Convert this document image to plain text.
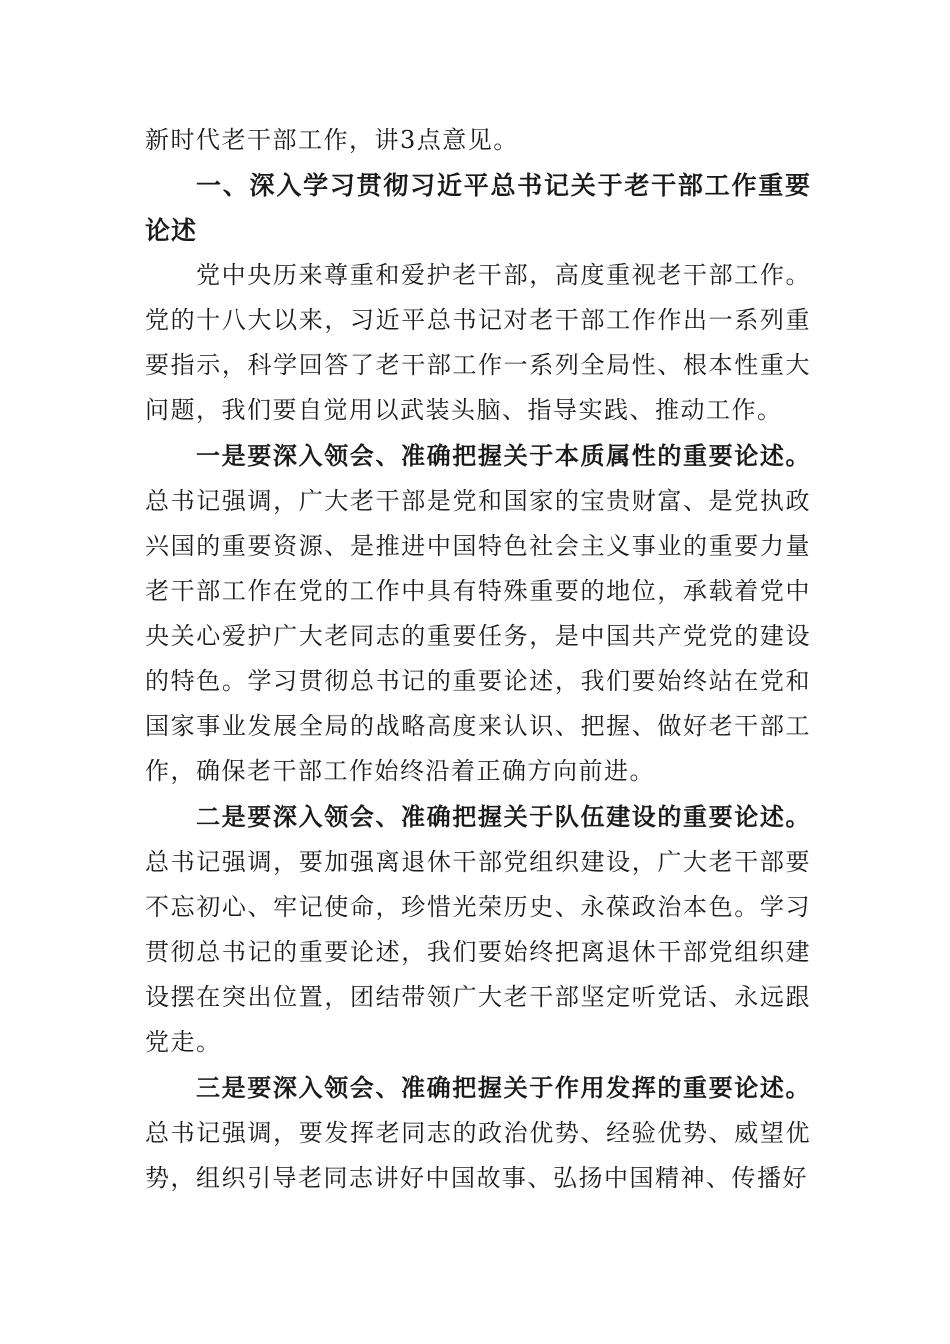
新时代老干部工作，讲3点意见。

一、深入学习贯彻习近平总书记关于老干部工作重要论述

党中央历来尊重和爱护老干部，高度重视老干部工作。党的十八大以来，习近平总书记对老干部工作作出一系列重要指示，科学回答了老干部工作一系列全局性、根本性重大问题，我们要自觉用以武装头脑、指导实践、推动工作。

一是要深入领会、准确把握关于本质属性的重要论述。总书记强调，广大老干部是党和国家的宝贵财富、是党执政兴国的重要资源、是推进中国特色社会主义事业的重要力量老干部工作在党的工作中具有特殊重要的地位，承载着党中央关心爱护广大老同志的重要任务，是中国共产党党的建设的特色。学习贯彻总书记的重要论述，我们要始终站在党和国家事业发展全局的战略高度来认识、把握、做好老干部工作，确保老干部工作始终沿着正确方向前进。

二是要深入领会、准确把握关于队伍建设的重要论述。总书记强调，要加强离退休干部党组织建设，广大老干部要不忘初心、牢记使命，珍惜光荣历史、永葆政治本色。学习贯彻总书记的重要论述，我们要始终把离退休干部党组织建设摆在突出位置，团结带领广大老干部坚定听党话、永远跟党走。

三是要深入领会、准确把握关于作用发挥的重要论述。总书记强调，要发挥老同志的政治优势、经验优势、威望优势，组织引导老同志讲好中国故事、弘扬中国精神、传播好
